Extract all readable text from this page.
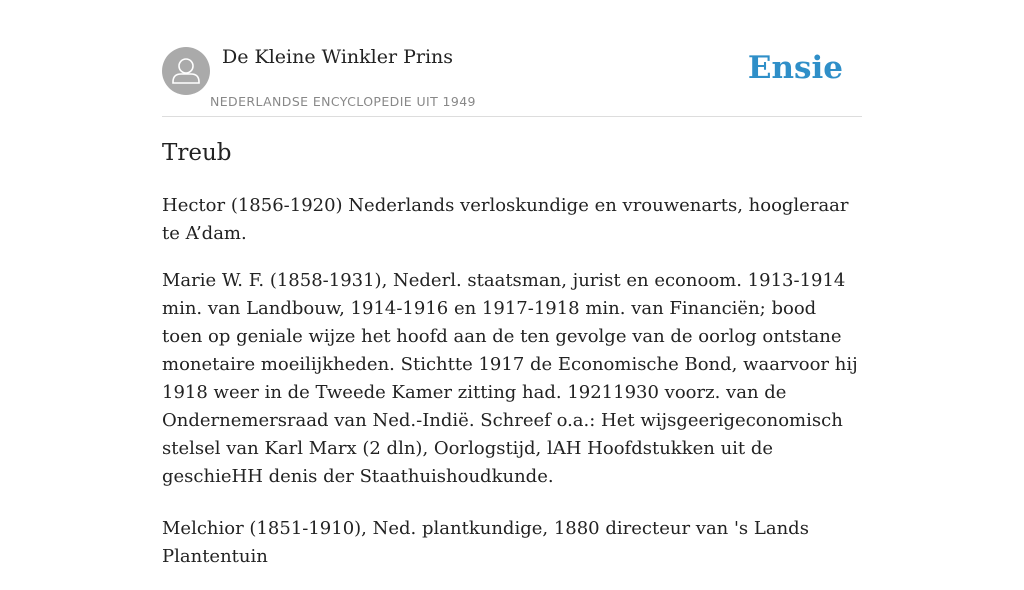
De Kleine Winkler Prins
NEDERLANDSE ENCYCLOPEDIE UIT 1949
Ensie
Treub

Hector (1856-1920) Nederlands verloskundige en vrouwenarts, hoogleraar te A’dam.

Marie W. F. (1858-1931), Nederl. staatsman, jurist en econoom. 1913-1914 min. van Landbouw, 1914-1916 en 1917-1918 min. van Financiën; bood toen op geniale wijze het hoofd aan de ten gevolge van de oorlog ontstane monetaire moeilijkheden. Stichtte 1917 de Economische Bond, waarvoor hij 1918 weer in de Tweede Kamer zitting had. 19211930 voorz. van de Ondernemersraad van Ned.-Indië. Schreef o.a.: Het wijsgeerigeconomisch stelsel van Karl Marx (2 dln), Oorlogstijd, lAH Hoofdstukken uit de geschieHH denis der Staathuishoudkunde.

Melchior (1851-1910), Ned. plantkundige, 1880 directeur van 's Lands Plantentuin
